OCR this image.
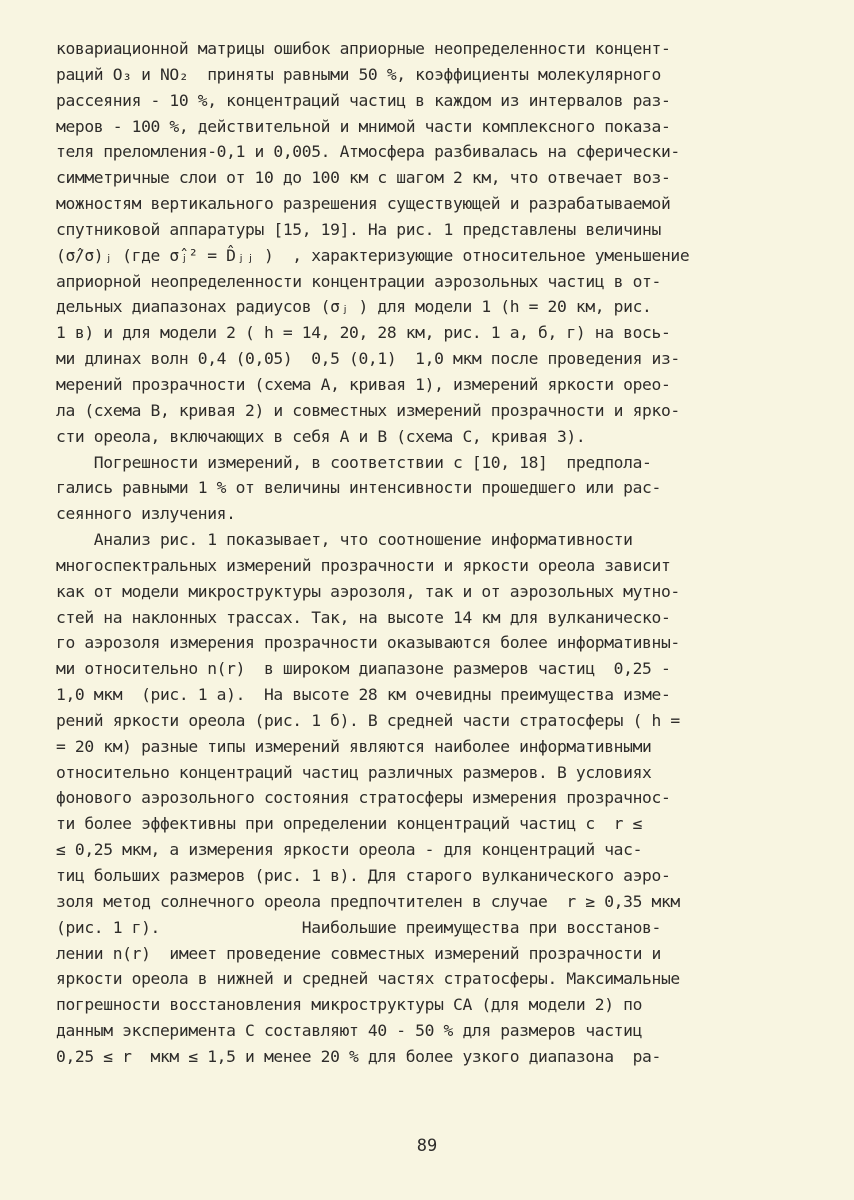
ковариационной матрицы ошибок априорные неопределенности концент-
раций O₃ и NO₂  приняты равными 50 %, коэффициенты молекулярного
рассеяния - 10 %, концентраций частиц в каждом из интервалов раз-
меров - 100 %, действительной и мнимой части комплексного показа-
теля преломления-0,1 и 0,005. Атмосфера разбивалась на сферически-
симметричные слои от 10 до 100 км с шагом 2 км, что отвечает воз-
можностям вертикального разрешения существующей и разрабатываемой
спутниковой аппаратуры [15, 19]. На рис. 1 представлены величины
(σ̂/σ)ⱼ (где σ̂ⱼ² = D̂ⱼⱼ )  , характеризующие относительное уменьшение
априорной неопределенности концентрации аэрозольных частиц в от-
дельных диапазонах радиусов (σⱼ ) для модели 1 (h = 20 км, рис.
1 в) и для модели 2 ( h = 14, 20, 28 км, рис. 1 а, б, г) на вось-
ми длинах волн 0,4 (0,05)  0,5 (0,1)  1,0 мкм после проведения из-
мерений прозрачности (схема А, кривая 1), измерений яркости орео-
ла (схема В, кривая 2) и совместных измерений прозрачности и ярко-
сти ореола, включающих в себя А и В (схема С, кривая 3).
Погрешности измерений, в соответствии с [10, 18]  предпола-
гались равными 1 % от величины интенсивности прошедшего или рас-
сеянного излучения.
Анализ рис. 1 показывает, что соотношение информативности
многоспектральных измерений прозрачности и яркости ореола зависит
как от модели микроструктуры аэрозоля, так и от аэрозольных мутно-
стей на наклонных трассах. Так, на высоте 14 км для вулканическо-
го аэрозоля измерения прозрачности оказываются более информативны-
ми относительно n(r)  в широком диапазоне размеров частиц  0,25 -
1,0 мкм  (рис. 1 а).  На высоте 28 км очевидны преимущества изме-
рений яркости ореола (рис. 1 б). В средней части стратосферы ( h =
= 20 км) разные типы измерений являются наиболее информативными
относительно концентраций частиц различных размеров. В условиях
фонового аэрозольного состояния стратосферы измерения прозрачнос-
ти более эффективны при определении концентраций частиц с  r ≤
≤ 0,25 мкм, а измерения яркости ореола - для концентраций час-
тиц больших размеров (рис. 1 в). Для старого вулканического аэро-
золя метод солнечного ореола предпочтителен в случае  r ≥ 0,35 мкм
(рис. 1 г).               Наибольшие преимущества при восстанов-
лении n(r)  имеет проведение совместных измерений прозрачности и
яркости ореола в нижней и средней частях стратосферы. Максимальные
погрешности восстановления микроструктуры СА (для модели 2) по
данным эксперимента С составляют 40 - 50 % для размеров частиц
0,25 ≤ r  мкм ≤ 1,5 и менее 20 % для более узкого диапазона  ра-
89
